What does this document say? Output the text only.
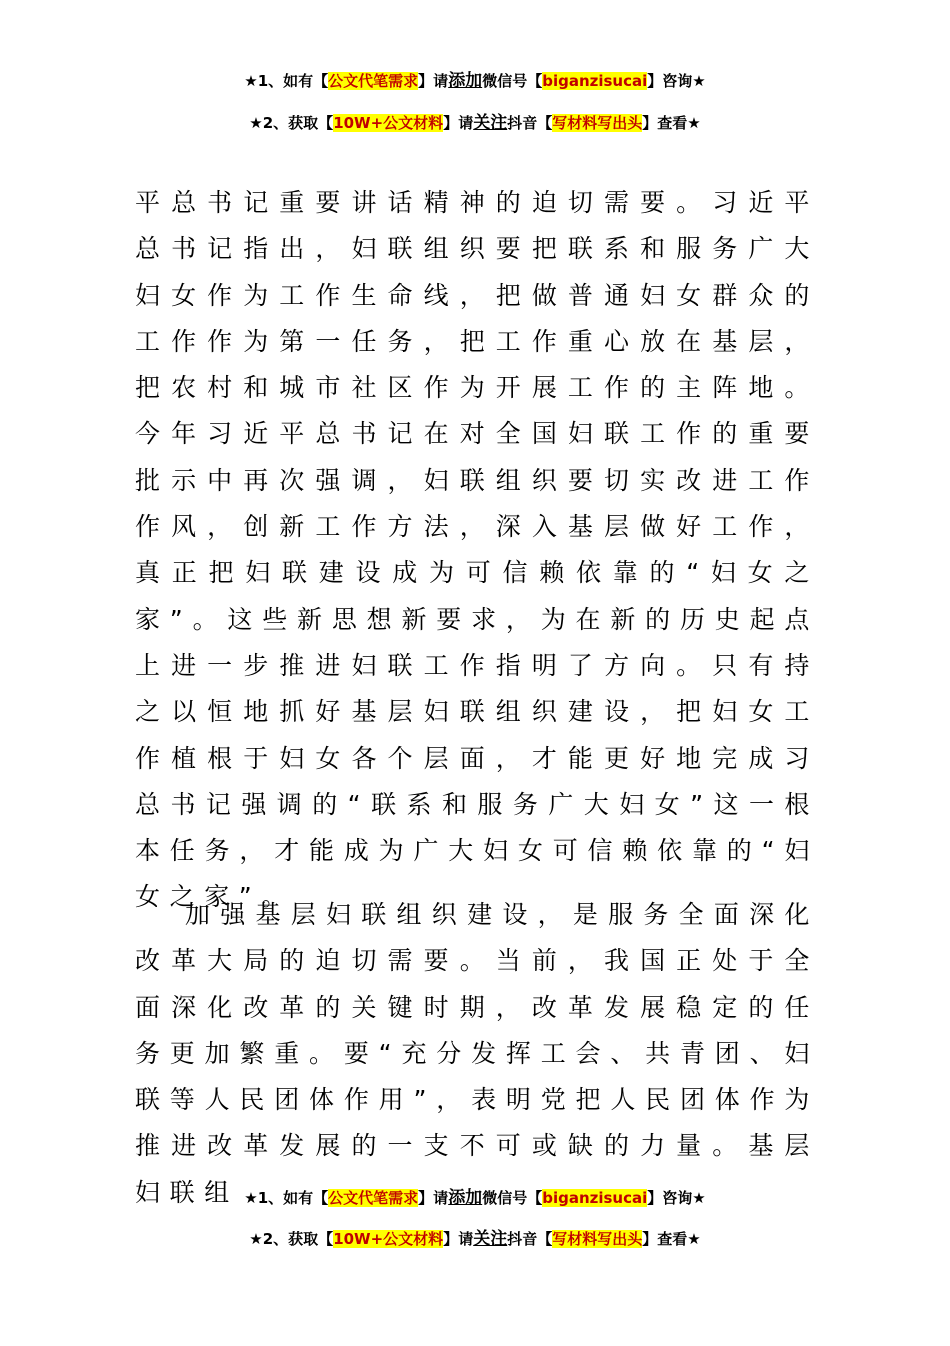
★1、如有【公文代笔需求】请添加微信号【biganzisucai】咨询★
★2、获取【10W+公文材料】请关注抖音【写材料写出头】查看★
平总书记重要讲话精神的迫切需要。习近平总书记指出，妇联组织要把联系和服务广大妇女作为工作生命线，把做普通妇女群众的工作作为第一任务，把工作重心放在基层，把农村和城市社区作为开展工作的主阵地。今年习近平总书记在对全国妇联工作的重要批示中再次强调，妇联组织要切实改进工作作风，创新工作方法，深入基层做好工作，真正把妇联建设成为可信赖依靠的“妇女之家”。这些新思想新要求，为在新的历史起点上进一步推进妇联工作指明了方向。只有持之以恒地抓好基层妇联组织建设，把妇女工作植根于妇女各个层面，才能更好地完成习总书记强调的“联系和服务广大妇女”这一根本任务，才能成为广大妇女可信赖依靠的“妇女之家”。
加强基层妇联组织建设，是服务全面深化改革大局的迫切需要。当前，我国正处于全面深化改革的关键时期，改革发展稳定的任务更加繁重。要“充分发挥工会、共青团、妇联等人民团体作用”，表明党把人民团体作为推进改革发展的一支不可或缺的力量。基层妇联组 ★1、如有【公文代笔需求】请添加微信号【biganzisucai】咨询★
★2、获取【10W+公文材料】请关注抖音【写材料写出头】查看★
